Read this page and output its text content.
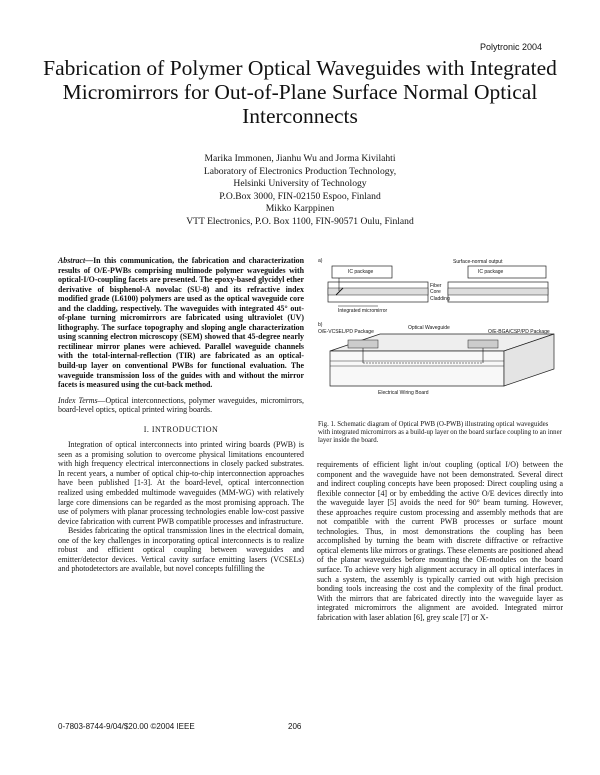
Polytronic 2004
Fabrication of Polymer Optical Waveguides with Integrated Micromirrors for Out-of-Plane Surface Normal Optical Interconnects
Marika Immonen, Jianhu Wu and Jorma Kivilahti
Laboratory of Electronics Production Technology,
Helsinki University of Technology
P.O.Box 3000, FIN-02150 Espoo, Finland
Mikko Karppinen
VTT Electronics, P.O. Box 1100, FIN-90571 Oulu, Finland
Abstract—In this communication, the fabrication and characterization results of O/E-PWBs comprising multimode polymer waveguides with optical-I/O-coupling facets are presented. The epoxy-based glycidyl ether derivative of bisphenol-A novolac (SU-8) and its refractive index modified grade (L6100) polymers are used as the optical waveguide core and the cladding, respectively. The waveguides with integrated 45° out-of-plane turning micromirrors are fabricated using ultraviolet (UV) lithography. The surface topography and sloping angle characterization using scanning electron microscopy (SEM) showed that 45-degree nearly rectilinear mirror planes were achieved. Parallel waveguide channels with the total-internal-reflection (TIR) are fabricated as an optical-build-up layer on conventional PWBs for functional evaluation. The waveguide transmission loss of the guides with and without the mirror facets is measured using the cut-back method.
Index Terms—Optical interconnections, polymer waveguides, micromirrors, board-level optics, optical printed wiring boards.
I. INTRODUCTION

Integration of optical interconnects into printed wiring boards (PWB) is seen as a promising solution to overcome physical limitations encountered with high frequency electrical interconnections in closely packed substrates. In recent years, a number of optical chip-to-chip interconnection approaches have been published [1-3]. At the board-level, optical interconnection realized using embedded multimode waveguides (MM-WG) with relatively large core dimensions can be regarded as the most promising approach. The use of polymers with planar processing technologies enable low-cost passive device fabrication with current PWB compatible processes and infrastructure.

Besides fabricating the optical transmission lines in the electrical domain, one of the key challenges in incorporating optical interconnects is to realize robust and efficient optical coupling between waveguides and emitter/detector devices. Vertical cavity surface emitting lasers (VCSELs) and photodetectors are available, but novel concepts fulfilling the

a)
b)
IC package	IC package
Surface-normal output
Fiber
Core
Cladding
Integrated micromirror
O/E-VCSEL/PD Package
Optical Waveguide
O/E-BGA/CSP/PD Package
Electrical Wiring Board
Fig. 1. Schematic diagram of Optical PWB (O-PWB) illustrating optical waveguides with integrated micromirrors as a build-up layer on the board surface coupling to an inner layer inside the board.

requirements of efficient light in/out coupling (optical I/O) between the component and the waveguide have not been demonstrated. Several direct and indirect coupling concepts have been proposed: Direct coupling using a flexible connector [4] or by embedding the active O/E devices directly into the waveguide layer [5] avoids the need for 90° beam turning. However, these approaches require custom processing and assembly methods that are not compatible with the current PWB processes or surface mount technologies. Thus, in most demonstrations the coupling has been accomplished by turning the beam with discrete diffractive or refractive optical elements like mirrors or gratings. These elements are positioned ahead of the planar waveguides before mounting the OE-modules on the board surface. To achieve very high alignment accuracy in all optical interfaces in such a system, the assembly is typically carried out with high precision bonding tools increasing the cost and the complexity of the final product. With the mirrors that are fabricated directly into the waveguide layer as integrated micromirrors the alignment are avoided. Integrated mirror fabrication with laser ablation [6], grey scale [7] or X-

0-7803-8744-9/04/$20.00 ©2004 IEEE	206
